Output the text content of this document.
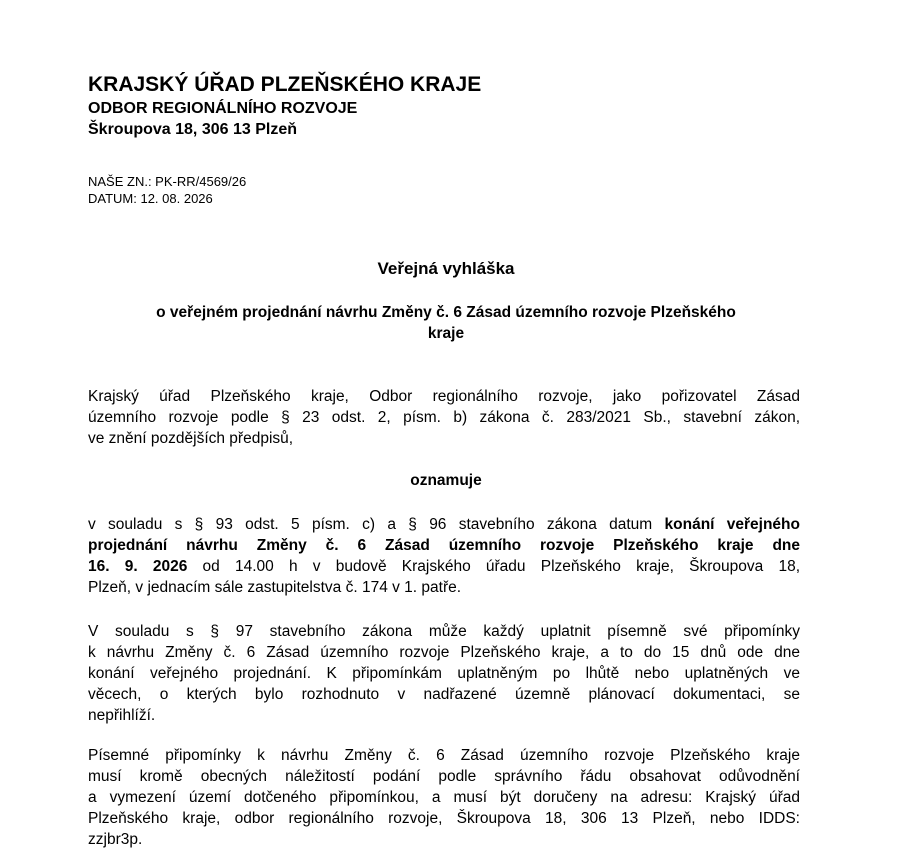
KRAJSKÝ ÚŘAD PLZEŇSKÉHO KRAJE
ODBOR REGIONÁLNÍHO ROZVOJE
Škroupova 18, 306 13 Plzeň
NAŠE ZN.: PK-RR/4569/26
DATUM: 12. 08. 2026
Veřejná vyhláška
o veřejném projednání návrhu Změny č. 6 Zásad územního rozvoje Plzeňského
kraje
Krajský úřad Plzeňského kraje, Odbor regionálního rozvoje, jako pořizovatel Zásad
územního rozvoje podle § 23 odst. 2, písm. b) zákona č. 283/2021 Sb., stavební zákon,
ve znění pozdějších předpisů,
oznamuje
v souladu s § 93 odst. 5 písm. c) a § 96 stavebního zákona datum konání veřejného
projednání návrhu Změny č. 6 Zásad územního rozvoje Plzeňského kraje dne
16. 9. 2026 od 14.00 h v budově Krajského úřadu Plzeňského kraje, Škroupova 18,
Plzeň, v jednacím sále zastupitelstva č. 174 v 1. patře.
V souladu s § 97 stavebního zákona může každý uplatnit písemně své připomínky
k návrhu Změny č. 6 Zásad územního rozvoje Plzeňského kraje, a to do 15 dnů ode dne
konání veřejného projednání. K připomínkám uplatněným po lhůtě nebo uplatněných ve
věcech, o kterých bylo rozhodnuto v nadřazené územně plánovací dokumentaci, se
nepřihlíží.
Písemné připomínky k návrhu Změny č. 6 Zásad územního rozvoje Plzeňského kraje
musí kromě obecných náležitostí podání podle správního řádu obsahovat odůvodnění
a vymezení území dotčeného připomínkou, a musí být doručeny na adresu: Krajský úřad
Plzeňského kraje, odbor regionálního rozvoje, Škroupova 18, 306 13 Plzeň, nebo IDDS:
zzjbr3p.
